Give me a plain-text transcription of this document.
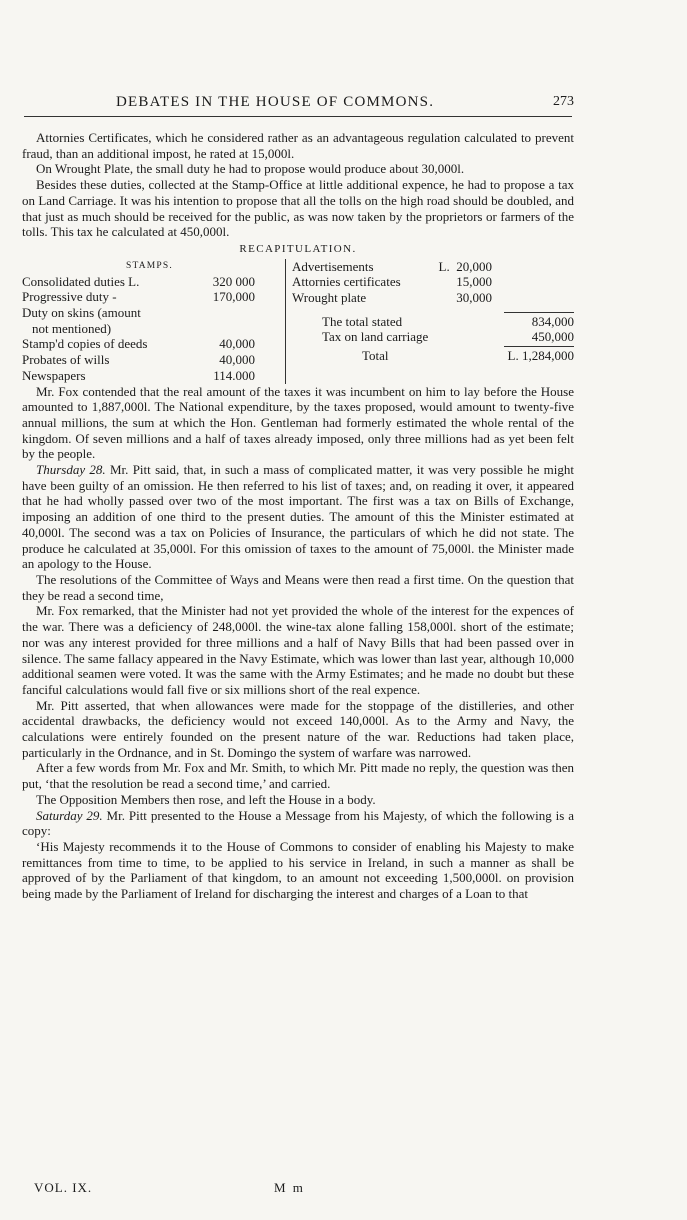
DEBATES IN THE HOUSE OF COMMONS.	273

Attornies Certificates, which he considered rather as an advantageous regulation calculated to prevent fraud, than an additional impost, he rated at 15,000l.

On Wrought Plate, the small duty he had to propose would produce about 30,000l.

Besides these duties, collected at the Stamp-Office at little additional expence, he had to propose a tax on Land Carriage. It was his intention to propose that all the tolls on the high road should be doubled, and that just as much should be received for the public, as was now taken by the proprietors or farmers of the tolls. This tax he calculated at 450,000l.

RECAPITULATION.
STAMPS.
Consolidated duties L.	320 000
Progressive duty -	170,000
Duty on skins (amount
not mentioned)
Stamp'd copies of deeds	40,000
Probates of wills	40,000
Newspapers	114.000
Advertisements	L. 20,000
Attornies certificates	15,000
Wrought plate	30,000
The total stated	834,000
Tax on land carriage	450,000
Total	L. 1,284,000

Mr. Fox contended that the real amount of the taxes it was incumbent on him to lay before the House amounted to 1,887,000l. The National expenditure, by the taxes proposed, would amount to twenty-five annual millions, the sum at which the Hon. Gentleman had formerly estimated the whole rental of the kingdom. Of seven millions and a half of taxes already imposed, only three millions had as yet been felt by the people.

Thursday 28. Mr. Pitt said, that, in such a mass of complicated matter, it was very possible he might have been guilty of an omission. He then referred to his list of taxes; and, on reading it over, it appeared that he had wholly passed over two of the most important. The first was a tax on Bills of Exchange, imposing an addition of one third to the present duties. The amount of this the Minister estimated at 40,000l. The second was a tax on Policies of Insurance, the particulars of which he did not state. The produce he calculated at 35,000l. For this omission of taxes to the amount of 75,000l. the Minister made an apology to the House.

The resolutions of the Committee of Ways and Means were then read a first time. On the question that they be read a second time,

Mr. Fox remarked, that the Minister had not yet provided the whole of the interest for the expences of the war. There was a deficiency of 248,000l. the wine-tax alone falling 158,000l. short of the estimate; nor was any interest provided for three millions and a half of Navy Bills that had been passed over in silence. The same fallacy appeared in the Navy Estimate, which was lower than last year, although 10,000 additional seamen were voted. It was the same with the Army Estimates; and he made no doubt but these fanciful calculations would fall five or six millions short of the real expence.

Mr. Pitt asserted, that when allowances were made for the stoppage of the distilleries, and other accidental drawbacks, the deficiency would not exceed 140,000l. As to the Army and Navy, the calculations were entirely founded on the present nature of the war. Reductions had taken place, particularly in the Ordnance, and in St. Domingo the system of warfare was narrowed.

After a few words from Mr. Fox and Mr. Smith, to which Mr. Pitt made no reply, the question was then put, ‘that the resolution be read a second time,’ and carried.

The Opposition Members then rose, and left the House in a body.

Saturday 29. Mr. Pitt presented to the House a Message from his Majesty, of which the following is a copy:

‘His Majesty recommends it to the House of Commons to consider of enabling his Majesty to make remittances from time to time, to be applied to his service in Ireland, in such a manner as shall be approved of by the Parliament of that kingdom, to an amount not exceeding 1,500,000l. on provision being made by the Parliament of Ireland for discharging the interest and charges of a Loan to that

VOL. IX.	M m
